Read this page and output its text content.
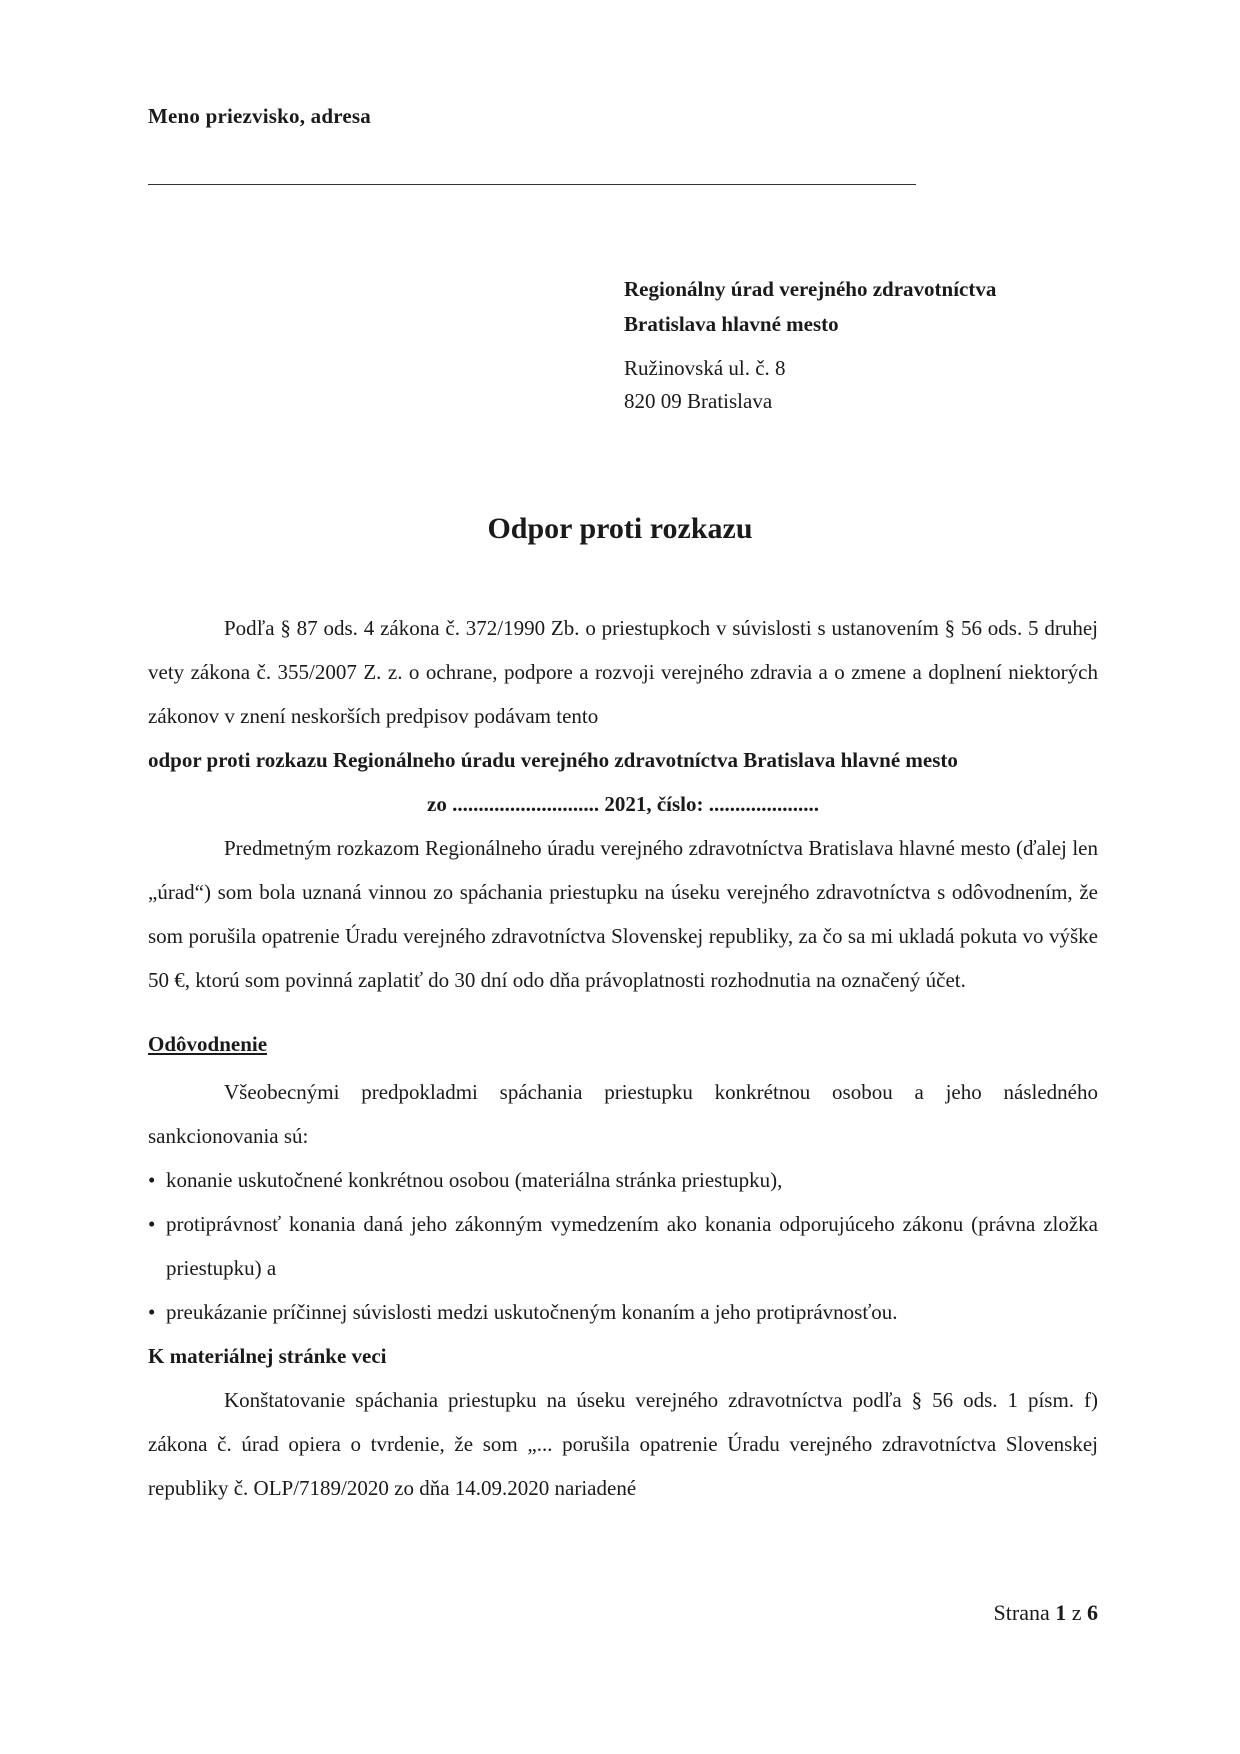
Meno priezvisko, adresa
Regionálny úrad verejného zdravotníctva
Bratislava hlavné mesto
Ružinovská ul. č. 8
820 09 Bratislava
Odpor proti rozkazu

Podľa § 87 ods. 4 zákona č. 372/1990 Zb. o priestupkoch v súvislosti s ustanovením § 56 ods. 5 druhej vety zákona č. 355/2007 Z. z. o ochrane, podpore a rozvoji verejného zdravia a o zmene a doplnení niektorých zákonov v znení neskorších predpisov podávam tento

odpor proti rozkazu Regionálneho úradu verejného zdravotníctva Bratislava hlavné mesto

zo ............................ 2021, číslo: .....................

Predmetným rozkazom Regionálneho úradu verejného zdravotníctva Bratislava hlavné mesto (ďalej len „úrad“) som bola uznaná vinnou zo spáchania priestupku na úseku verejného zdravotníctva s odôvodnením, že som porušila opatrenie Úradu verejného zdravotníctva Slovenskej republiky, za čo sa mi ukladá pokuta vo výške 50 €, ktorú som povinná zaplatiť do 30 dní odo dňa právoplatnosti rozhodnutia na označený účet.

Odôvodnenie

Všeobecnými predpokladmi spáchania priestupku konkrétnou osobou a jeho následného sankcionovania sú:

• konanie uskutočnené konkrétnou osobou (materiálna stránka priestupku),
• protiprávnosť konania daná jeho zákonným vymedzením ako konania odporujúceho zákonu (právna zložka priestupku) a
• preukázanie príčinnej súvislosti medzi uskutočneným konaním a jeho protiprávnosťou.

K materiálnej stránke veci

Konštatovanie spáchania priestupku na úseku verejného zdravotníctva podľa § 56 ods. 1 písm. f) zákona č. úrad opiera o tvrdenie, že som „... porušila opatrenie Úradu verejného zdravotníctva Slovenskej republiky č. OLP/7189/2020 zo dňa 14.09.2020 nariadené

Strana 1 z 6
